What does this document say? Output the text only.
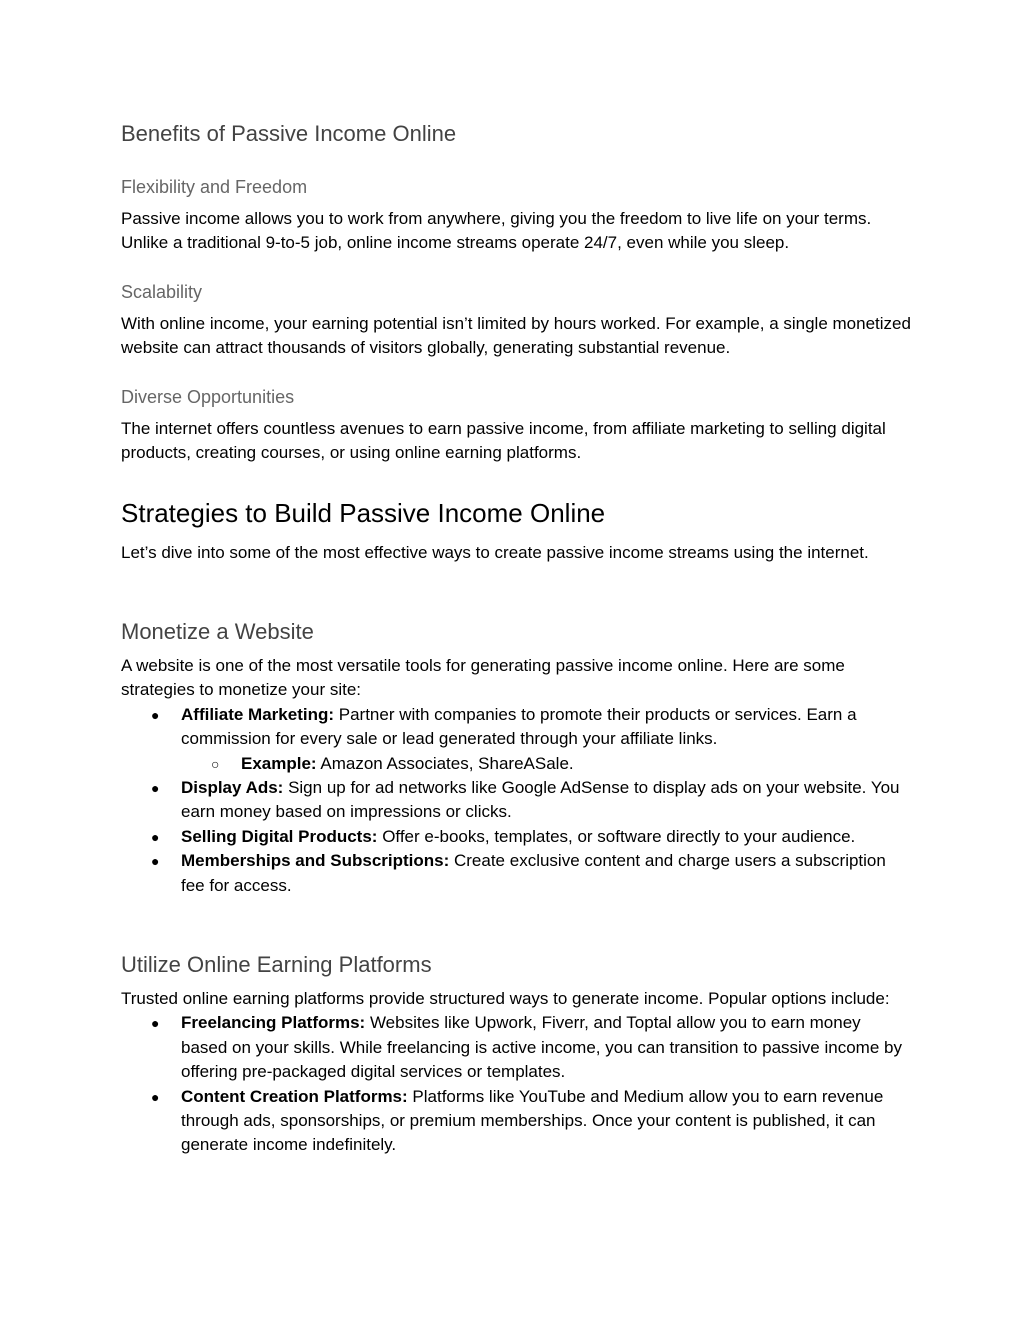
Benefits of Passive Income Online
Flexibility and Freedom

Passive income allows you to work from anywhere, giving you the freedom to live life on your terms. Unlike a traditional 9-to-5 job, online income streams operate 24/7, even while you sleep.

Scalability

With online income, your earning potential isn’t limited by hours worked. For example, a single monetized website can attract thousands of visitors globally, generating substantial revenue.

Diverse Opportunities

The internet offers countless avenues to earn passive income, from affiliate marketing to selling digital products, creating courses, or using online earning platforms.

Strategies to Build Passive Income Online

Let’s dive into some of the most effective ways to create passive income streams using the internet.

Monetize a Website

A website is one of the most versatile tools for generating passive income online. Here are some strategies to monetize your site:

● Affiliate Marketing: Partner with companies to promote their products or services. Earn a commission for every sale or lead generated through your affiliate links.
○ Example: Amazon Associates, ShareASale.
● Display Ads: Sign up for ad networks like Google AdSense to display ads on your website. You earn money based on impressions or clicks.
● Selling Digital Products: Offer e-books, templates, or software directly to your audience.
● Memberships and Subscriptions: Create exclusive content and charge users a subscription fee for access.
Utilize Online Earning Platforms

Trusted online earning platforms provide structured ways to generate income. Popular options include:

● Freelancing Platforms: Websites like Upwork, Fiverr, and Toptal allow you to earn money based on your skills. While freelancing is active income, you can transition to passive income by offering pre-packaged digital services or templates.
● Content Creation Platforms: Platforms like YouTube and Medium allow you to earn revenue through ads, sponsorships, or premium memberships. Once your content is published, it can generate income indefinitely.
